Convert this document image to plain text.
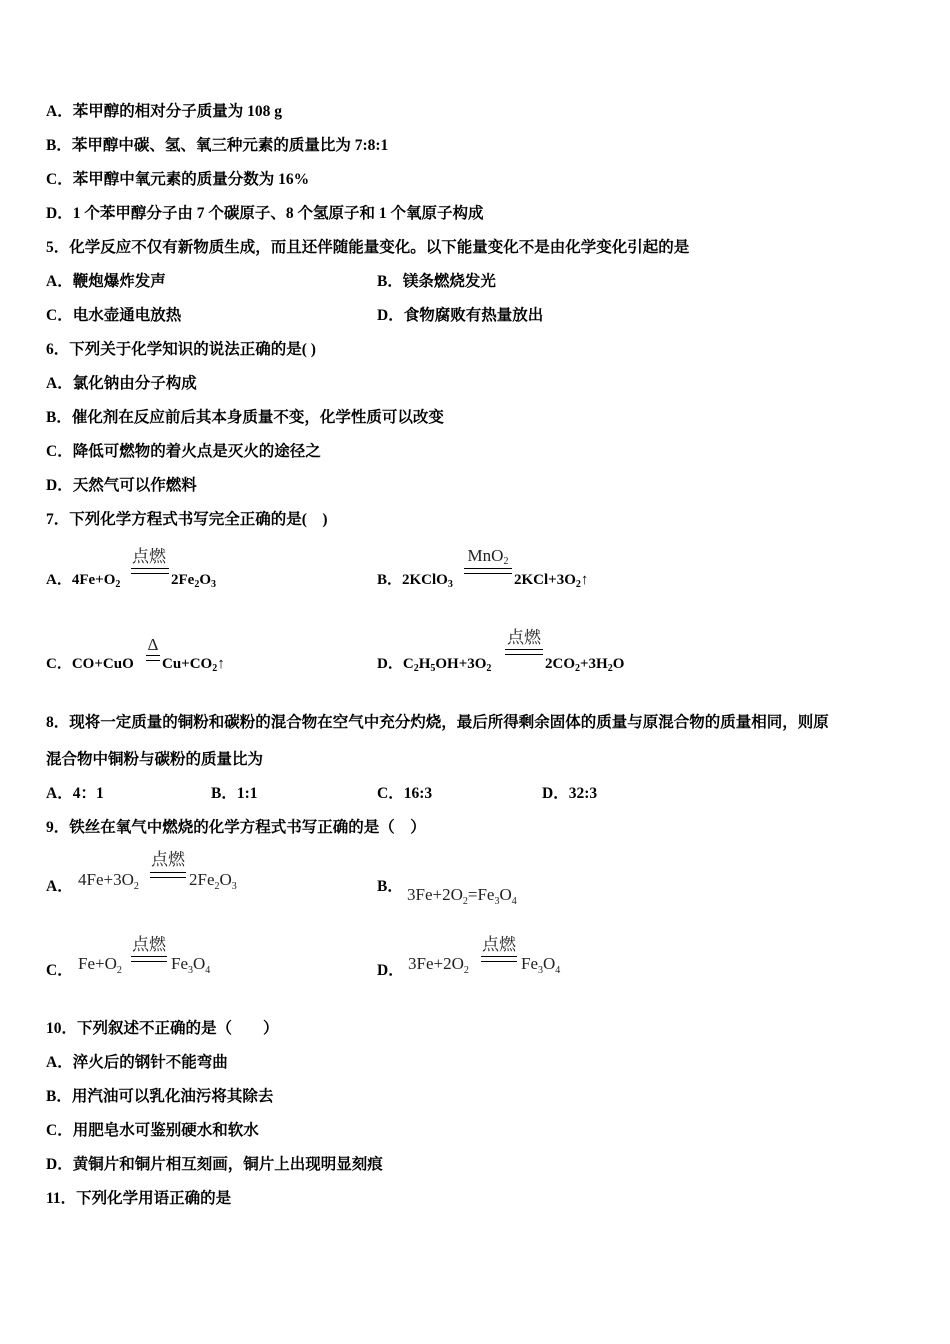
A．苯甲醇的相对分子质量为 108 g
B．苯甲醇中碳、氢、氧三种元素的质量比为 7:8:1
C．苯甲醇中氧元素的质量分数为 16%
D．1 个苯甲醇分子由 7 个碳原子、8 个氢原子和 1 个氧原子构成
5．化学反应不仅有新物质生成，而且还伴随能量变化。以下能量变化不是由化学变化引起的是
A．鞭炮爆炸发声	B．镁条燃烧发光
C．电水壶通电放热	D．食物腐败有热量放出
6．下列关于化学知识的说法正确的是( )
A．氯化钠由分子构成
B．催化剂在反应前后其本身质量不变，化学性质可以改变
C．降低可燃物的着火点是灭火的途径之
D．天然气可以作燃料
7．下列化学方程式书写完全正确的是(　)
A．$4Fe+O_2$
点燃
$2Fe_2O_3$	B．2KClO$_3$
MnO$_2$
$2KCl+3O_2↑$
C．CO+CuO
Δ
$Cu+CO_2↑$	D．$C_2H_5OH+3O_2$
点燃
$2CO_2+3H_2O$
8．现将一定质量的铜粉和碳粉的混合物在空气中充分灼烧，最后所得剩余固体的质量与原混合物的质量相同，则原
混合物中铜粉与碳粉的质量比为
A．4：1	B．1:1	C．16:3	D．32:3
9．铁丝在氧气中燃烧的化学方程式书写正确的是（　）
A． $4Fe+3O_2$
点燃
$2Fe_2O_3$	B． $3Fe+2O_2=Fe_3O_4$
C． $Fe+O_2$
点燃
$Fe_3O_4$	D． $3Fe+2O_2$
点燃
$Fe_3O_4$
10．下列叙述不正确的是（　　）
A．淬火后的钢针不能弯曲
B．用汽油可以乳化油污将其除去
C．用肥皂水可鉴别硬水和软水
D．黄铜片和铜片相互刻画，铜片上出现明显刻痕
11．下列化学用语正确的是
